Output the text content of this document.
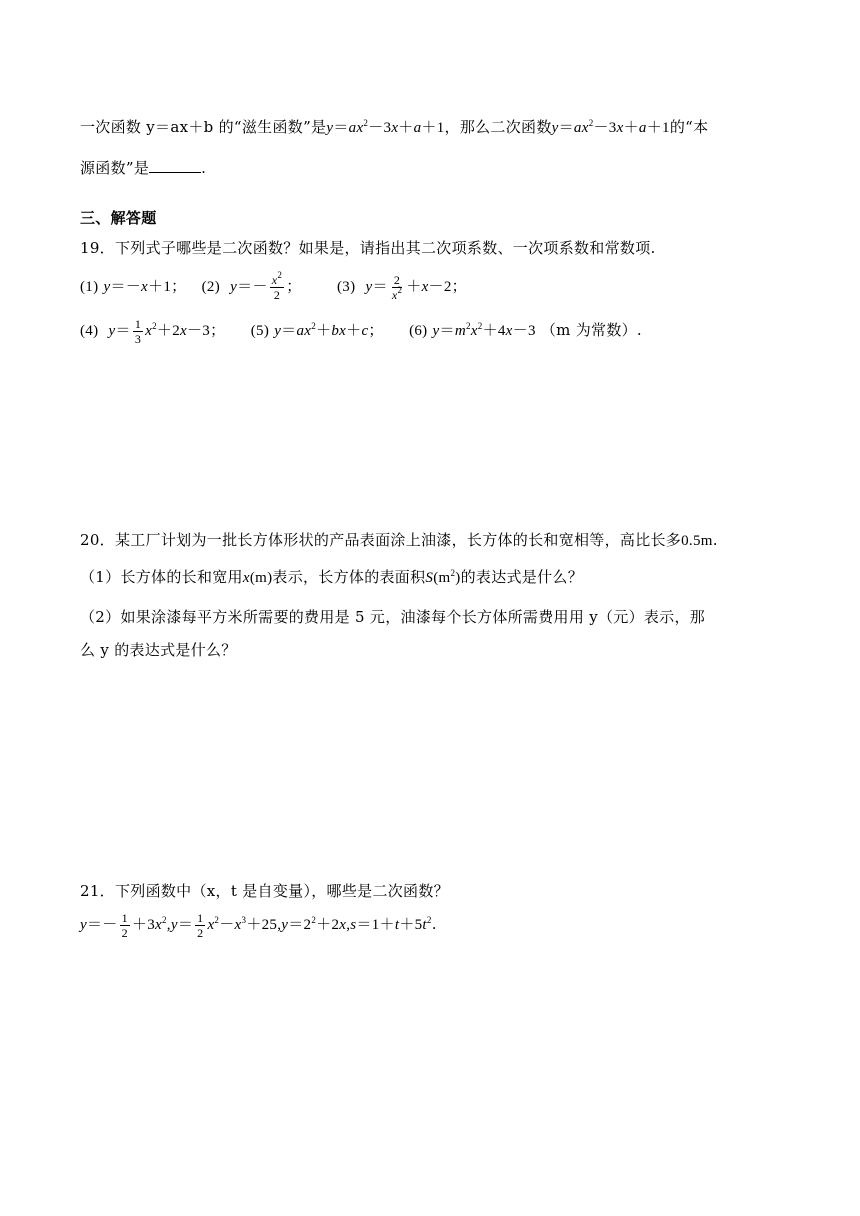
一次函数 y＝ax＋b 的“滋生函数”是$y=ax^2-3x+a+1$，那么二次函数$y=ax^2-3x+a+1$的“本
源函数”是	.
三、解答题
19．下列式子哪些是二次函数？如果是，请指出其二次项系数、一次项系数和常数项.
(1) y＝－x＋1； (2) $y=- \frac{x^2}{2}$ ； (3) $y= \frac{2}{x^2} +x-2$；
(4) $y= \frac{1}{3} x^2+2x-3$； (5) $y=ax^2+bx+c$； (6) $y=m^2x^2+4x-3$ （m 为常数）.
20．某工厂计划为一批长方体形状的产品表面涂上油漆，长方体的长和宽相等，高比长多0.5m.
（1）长方体的长和宽用x(m)表示，长方体的表面积$S(m^2)$的表达式是什么？
（2）如果涂漆每平方米所需要的费用是 5 元，油漆每个长方体所需费用用 y（元）表示，那
么 y 的表达式是什么？
21．下列函数中（x，t 是自变量），哪些是二次函数？
$y=- \frac{1}{2} +3x^2,y= \frac{1}{2} x^2-x^3+25,y=2^2+2x,s=1+t+5t^2$.
